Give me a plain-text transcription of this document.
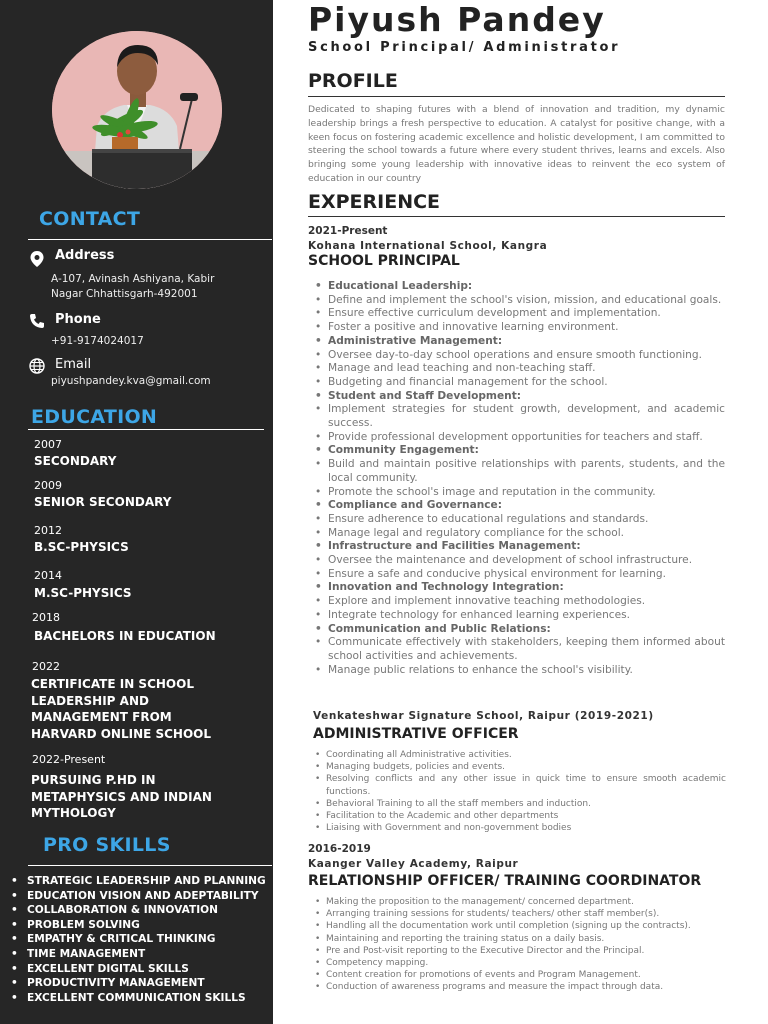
CONTACT
Address
A-107, Avinash Ashiyana, Kabir Nagar Chhattisgarh-492001
Phone
+91-9174024017
Email
piyushpandey.kva@gmail.com
EDUCATION
2007
SECONDARY
2009
SENIOR SECONDARY
2012
B.SC-PHYSICS
2014
M.SC-PHYSICS
2018
BACHELORS IN EDUCATION
2022
CERTIFICATE IN SCHOOL LEADERSHIP AND MANAGEMENT FROM HARVARD ONLINE SCHOOL
2022-Present
PURSUING P.HD IN METAPHYSICS AND INDIAN MYTHOLOGY
PRO SKILLS
• STRATEGIC LEADERSHIP AND PLANNING
• EDUCATION VISION AND ADEPTABILITY
• COLLABORATION & INNOVATION
• PROBLEM SOLVING
• EMPATHY & CRITICAL THINKING
• TIME MANAGEMENT
• EXCELLENT DIGITAL SKILLS
• PRODUCTIVITY MANAGEMENT
• EXCELLENT COMMUNICATION SKILLS
Piyush Pandey
School Principal/ Administrator
PROFILE
Dedicated to shaping futures with a blend of innovation and tradition, my dynamic leadership brings a fresh perspective to education. A catalyst for positive change, with a keen focus on fostering academic excellence and holistic development, I am committed to steering the school towards a future where every student thrives, learns and excels. Also bringing some young leadership with innovative ideas to reinvent the eco system of education in our country
EXPERIENCE
2021-Present
Kohana International School, Kangra
SCHOOL PRINCIPAL
• Educational Leadership:
• Define and implement the school's vision, mission, and educational goals.
• Ensure effective curriculum development and implementation.
• Foster a positive and innovative learning environment.
• Administrative Management:
• Oversee day-to-day school operations and ensure smooth functioning.
• Manage and lead teaching and non-teaching staff.
• Budgeting and financial management for the school.
• Student and Staff Development:
• Implement strategies for student growth, development, and academic success.
• Provide professional development opportunities for teachers and staff.
• Community Engagement:
• Build and maintain positive relationships with parents, students, and the local community.
• Promote the school's image and reputation in the community.
• Compliance and Governance:
• Ensure adherence to educational regulations and standards.
• Manage legal and regulatory compliance for the school.
• Infrastructure and Facilities Management:
• Oversee the maintenance and development of school infrastructure.
• Ensure a safe and conducive physical environment for learning.
• Innovation and Technology Integration:
• Explore and implement innovative teaching methodologies.
• Integrate technology for enhanced learning experiences.
• Communication and Public Relations:
• Communicate effectively with stakeholders, keeping them informed about school activities and achievements.
• Manage public relations to enhance the school's visibility.
Venkateshwar Signature School, Raipur (2019-2021)
ADMINISTRATIVE OFFICER
• Coordinating all Administrative activities.
• Managing budgets, policies and events.
• Resolving conflicts and any other issue in quick time to ensure smooth academic functions.
• Behavioral Training to all the staff members and induction.
• Facilitation to the Academic and other departments
• Liaising with Government and non-government bodies
2016-2019
Kaanger Valley Academy, Raipur
RELATIONSHIP OFFICER/ TRAINING COORDINATOR
• Making the proposition to the management/ concerned department.
• Arranging training sessions for students/ teachers/ other staff member(s).
• Handling all the documentation work until completion (signing up the contracts).
• Maintaining and reporting the training status on a daily basis.
• Pre and Post-visit reporting to the Executive Director and the Principal.
• Competency mapping.
• Content creation for promotions of events and Program Management.
• Conduction of awareness programs and measure the impact through data.
